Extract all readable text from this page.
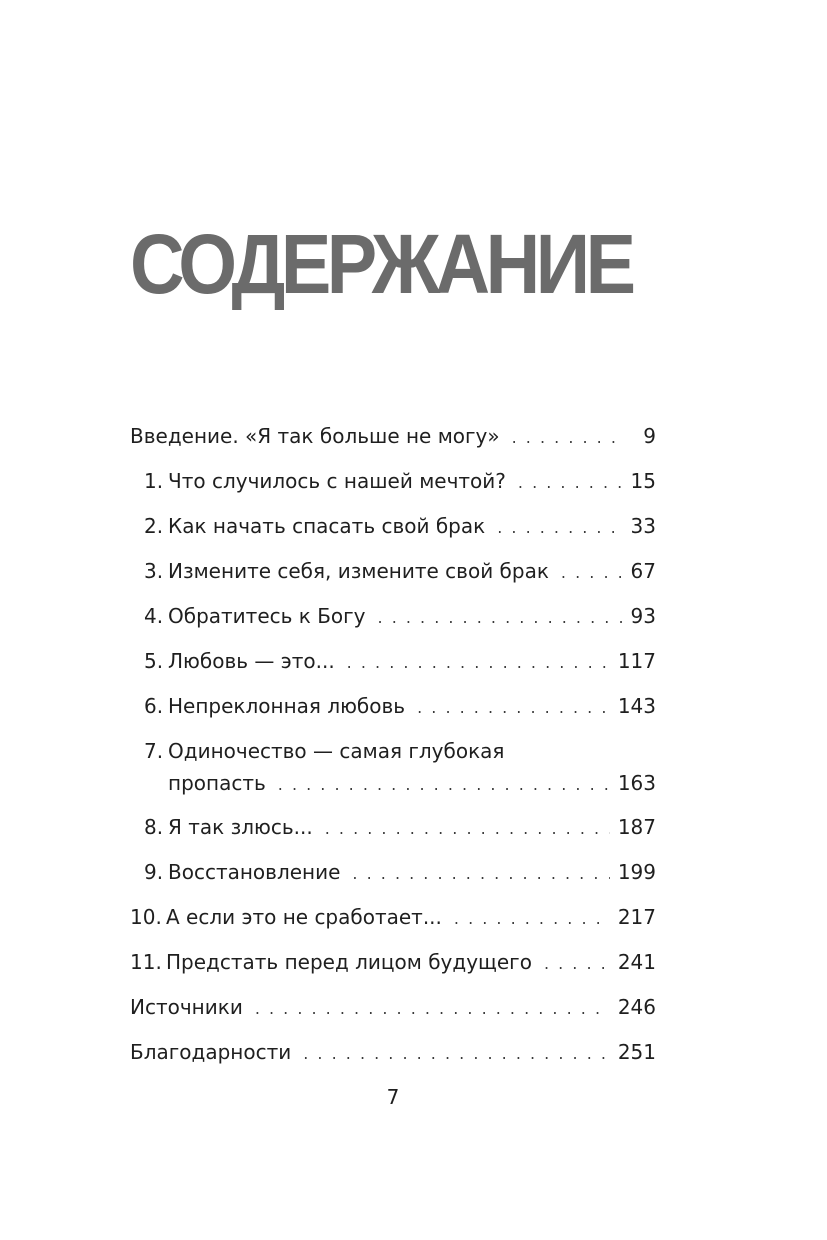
СОДЕРЖАНИЕ
Введение. «Я так больше не могу» . . .	9
1. Что случилось с нашей мечтой? . . .	15
2. Как начать спасать свой брак . . .	33
3. Измените себя, измените свой брак . . .	67
4. Обратитесь к Богу . . .	93
5. Любовь — это... . . .	117
6. Непреклонная любовь . . .	143
7. Одиночество — самая глубокая
пропасть . . .	163
8. Я так злюсь... . . .	187
9. Восстановление . . .	199
10. А если это не сработает... . . .	217
11. Предстать перед лицом будущего . . .	241
Источники . . .	246
Благодарности . . .	251
7
